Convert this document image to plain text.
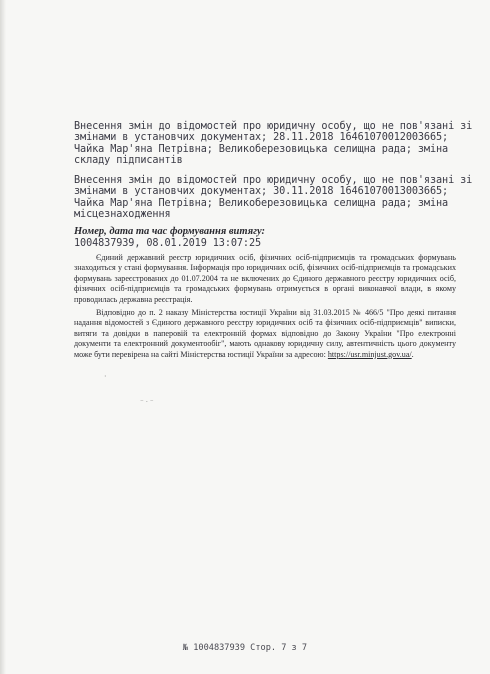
Внесення змін до відомостей про юридичну особу, що не пов'язані зі
змінами в установчих документах; 28.11.2018 16461070012003665;
Чайка Мар'яна Петрівна; Великоберезовицька селищна рада; зміна
складу підписантів
Внесення змін до відомостей про юридичну особу, що не пов'язані зі
змінами в установчих документах; 30.11.2018 16461070013003665;
Чайка Мар'яна Петрівна; Великоберезовицька селищна рада; зміна
місцезнаходження
Номер, дата та час формування витягу:
1004837939, 08.01.2019 13:07:25
Єдиний державний реєстр юридичних осіб, фізичних осіб-підприємців та громадських формувань знаходиться у стані формування. Інформація про юридичних осіб, фізичних осіб-підприємців та громадських формувань зареєстрованих до 01.07.2004 та не включених до Єдиного державного реєстру юридичних осіб, фізичних осіб-підприємців та громадських формувань отримується в органі виконавчої влади, в якому проводилась державна реєстрація.
Відповідно до п. 2 наказу Міністерства юстиції України від 31.03.2015 № 466/5 "Про деякі питання надання відомостей з Єдиного державного реєстру юридичних осіб та фізичних осіб-підприємців" виписки, витяги та довідки в паперовій та електронній формах відповідно до Закону України "Про електронні документи та електронний документообіг", мають однакову юридичну силу, автентичність цього документу може бути перевірена на сайті Міністерства юстиції України за адресою: https://usr.minjust.gov.ua/.
·
⁻·⁻
№ 1004837939 Стор. 7 з 7
